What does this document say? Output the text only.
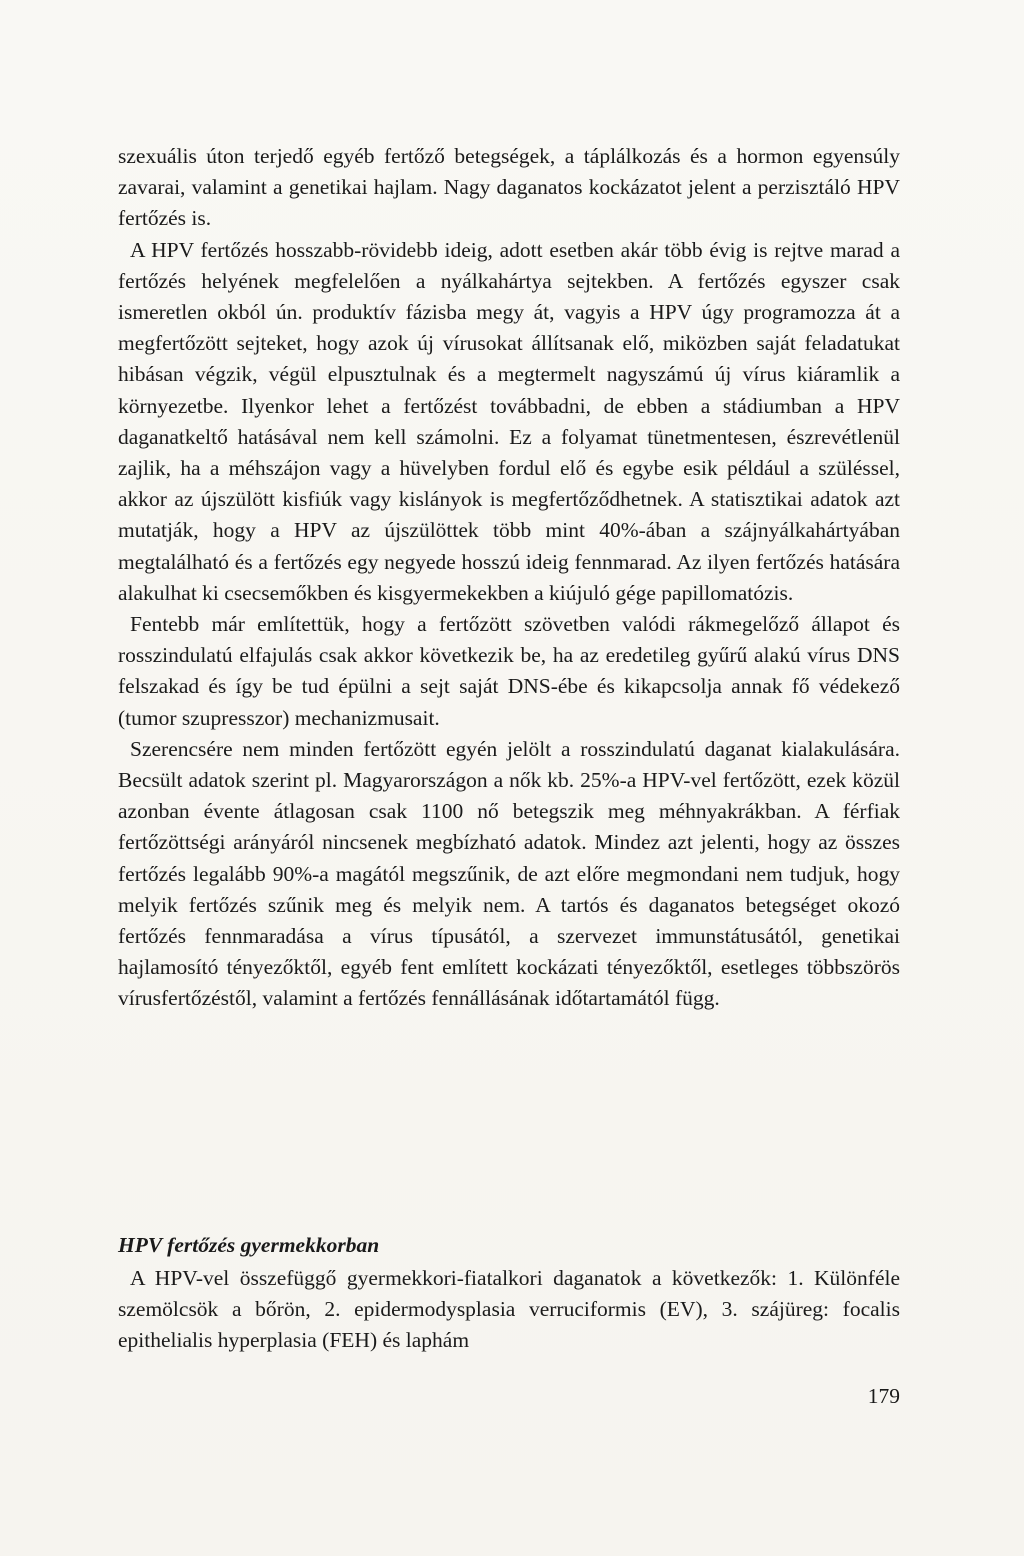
szexuális úton terjedő egyéb fertőző betegségek, a táplálkozás és a hormon egyensúly zavarai, valamint a genetikai hajlam. Nagy daganatos kockázatot jelent a perzisztáló HPV fertőzés is.

A HPV fertőzés hosszabb-rövidebb ideig, adott esetben akár több évig is rejtve marad a fertőzés helyének megfelelően a nyálkahártya sejtekben. A fertőzés egyszer csak ismeretlen okból ún. produktív fázisba megy át, vagyis a HPV úgy programozza át a megfertőzött sejteket, hogy azok új vírusokat állítsanak elő, miközben saját feladatukat hibásan végzik, végül elpusztulnak és a megtermelt nagyszámú új vírus kiáramlik a környezetbe. Ilyenkor lehet a fertőzést továbbadni, de ebben a stádiumban a HPV daganatkeltő hatásával nem kell számolni. Ez a folyamat tünetmentesen, észrevétlenül zajlik, ha a méhszájon vagy a hüvelyben fordul elő és egybe esik például a szüléssel, akkor az újszülött kisfiúk vagy kislányok is megfertőződhetnek. A statisztikai adatok azt mutatják, hogy a HPV az újszülöttek több mint 40%-ában a szájnyálkahártyában megtalálható és a fertőzés egy negyede hosszú ideig fennmarad. Az ilyen fertőzés hatására alakulhat ki csecsemőkben és kisgyermekekben a kiújuló gége papillomatózis.

Fentebb már említettük, hogy a fertőzött szövetben valódi rákmegelőző állapot és rosszindulatú elfajulás csak akkor következik be, ha az eredetileg gyűrű alakú vírus DNS felszakad és így be tud épülni a sejt saját DNS-ébe és kikapcsolja annak fő védekező (tumor szupresszor) mechanizmusait.

Szerencsére nem minden fertőzött egyén jelölt a rosszindulatú daganat kialakulására. Becsült adatok szerint pl. Magyarországon a nők kb. 25%-a HPV-vel fertőzött, ezek közül azonban évente átlagosan csak 1100 nő betegszik meg méhnyakrákban. A férfiak fertőzöttségi arányáról nincsenek megbízható adatok. Mindez azt jelenti, hogy az összes fertőzés legalább 90%-a magától megszűnik, de azt előre megmondani nem tudjuk, hogy melyik fertőzés szűnik meg és melyik nem. A tartós és daganatos betegséget okozó fertőzés fennmaradása a vírus típusától, a szervezet immunstátusától, genetikai hajlamosító tényezőktől, egyéb fent említett kockázati tényezőktől, esetleges többszörös vírusfertőzéstől, valamint a fertőzés fennállásának időtartamától függ.

HPV fertőzés gyermekkorban

A HPV-vel összefüggő gyermekkori-fiatalkori daganatok a következők: 1. Különféle szemölcsök a bőrön, 2. epidermodysplasia verruciformis (EV), 3. szájüreg: focalis epithelialis hyperplasia (FEH) és laphám

179
